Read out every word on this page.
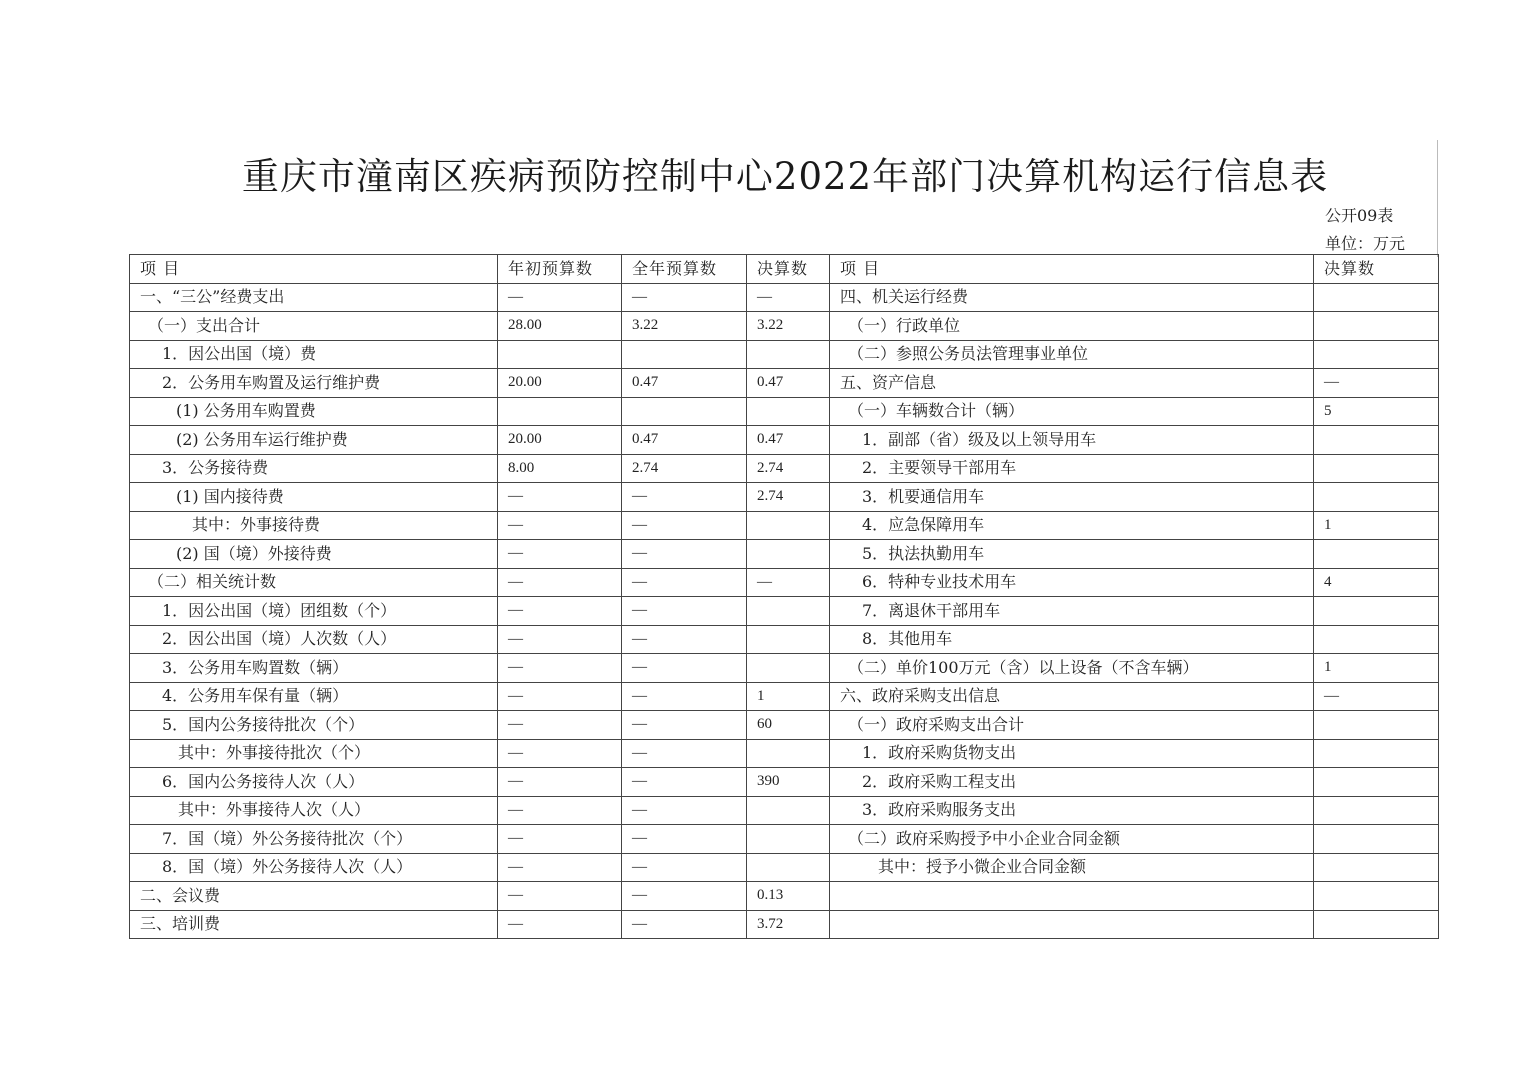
重庆市潼南区疾病预防控制中心2022年部门决算机构运行信息表
公开09表
单位：万元
项 目	年初预算数	全年预算数	决算数	项 目	决算数
一、“三公”经费支出	—	—	—	四、机关运行经费	
（一）支出合计	28.00	3.22	3.22	（一）行政单位	
1．因公出国（境）费				（二）参照公务员法管理事业单位	
2．公务用车购置及运行维护费	20.00	0.47	0.47	五、资产信息	—
(1) 公务用车购置费				（一）车辆数合计（辆）	5
(2) 公务用车运行维护费	20.00	0.47	0.47	1．副部（省）级及以上领导用车	
3．公务接待费	8.00	2.74	2.74	2．主要领导干部用车	
(1) 国内接待费	—	—	2.74	3．机要通信用车	
其中：外事接待费	—	—		4．应急保障用车	1
(2) 国（境）外接待费	—	—		5．执法执勤用车	
（二）相关统计数	—	—	—	6．特种专业技术用车	4
1．因公出国（境）团组数（个）	—	—		7．离退休干部用车	
2．因公出国（境）人次数（人）	—	—		8．其他用车	
3．公务用车购置数（辆）	—	—		（二）单价100万元（含）以上设备（不含车辆）	1
4．公务用车保有量（辆）	—	—	1	六、政府采购支出信息	—
5．国内公务接待批次（个）	—	—	60	（一）政府采购支出合计	
其中：外事接待批次（个）	—	—		1．政府采购货物支出	
6．国内公务接待人次（人）	—	—	390	2．政府采购工程支出	
其中：外事接待人次（人）	—	—		3．政府采购服务支出	
7．国（境）外公务接待批次（个）	—	—		（二）政府采购授予中小企业合同金额	
8．国（境）外公务接待人次（人）	—	—		其中：授予小微企业合同金额	
二、会议费	—	—	0.13		
三、培训费	—	—	3.72		
